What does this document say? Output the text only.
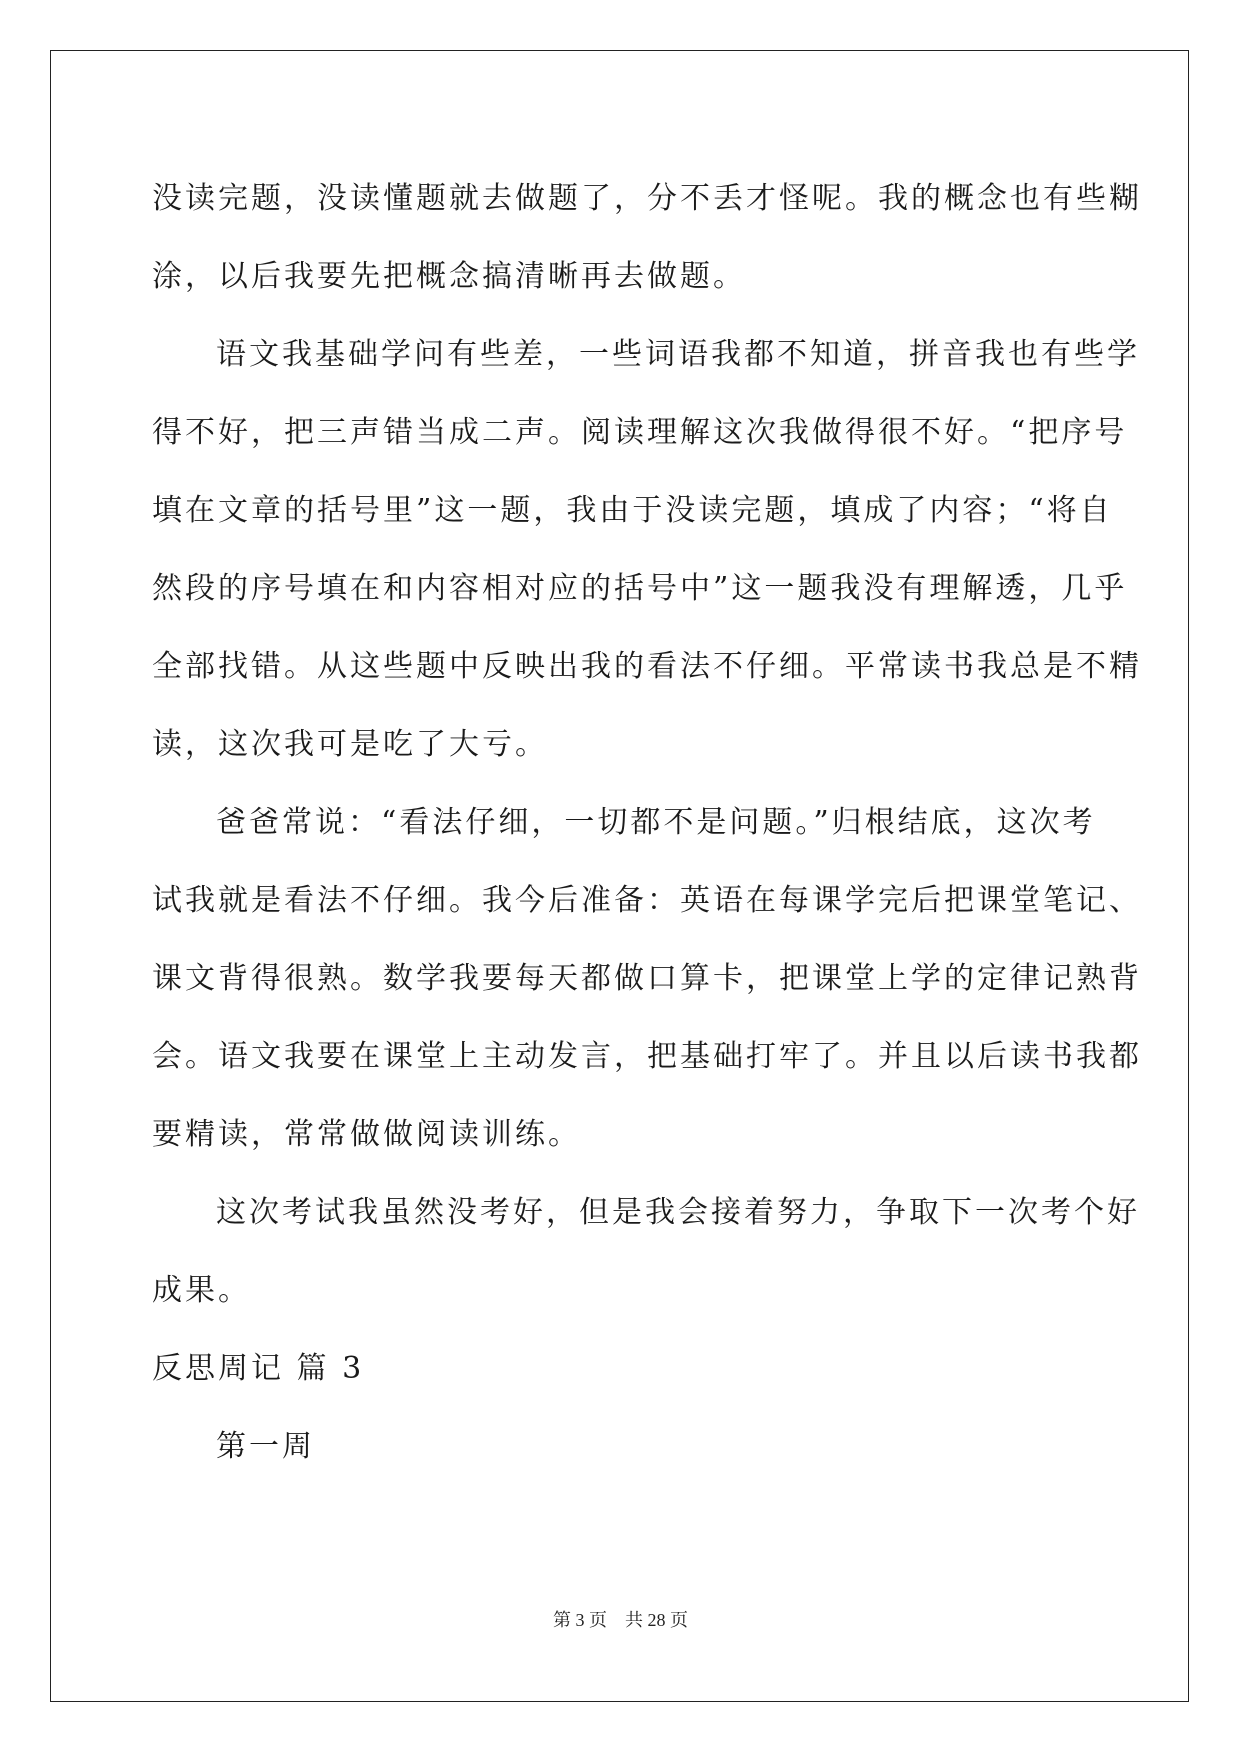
没读完题，没读懂题就去做题了，分不丢才怪呢。我的概念也有些糊
涂，以后我要先把概念搞清晰再去做题。
语文我基础学问有些差，一些词语我都不知道，拼音我也有些学
得不好，把三声错当成二声。阅读理解这次我做得很不好。“把序号
填在文章的括号里”这一题，我由于没读完题，填成了内容；“将自
然段的序号填在和内容相对应的括号中”这一题我没有理解透，几乎
全部找错。从这些题中反映出我的看法不仔细。平常读书我总是不精
读，这次我可是吃了大亏。
爸爸常说：“看法仔细，一切都不是问题。”归根结底，这次考
试我就是看法不仔细。我今后准备：英语在每课学完后把课堂笔记、
课文背得很熟。数学我要每天都做口算卡，把课堂上学的定律记熟背
会。语文我要在课堂上主动发言，把基础打牢了。并且以后读书我都
要精读，常常做做阅读训练。
这次考试我虽然没考好，但是我会接着努力，争取下一次考个好
成果。
反思周记 篇 3
第一周
第 3 页    共 28 页
